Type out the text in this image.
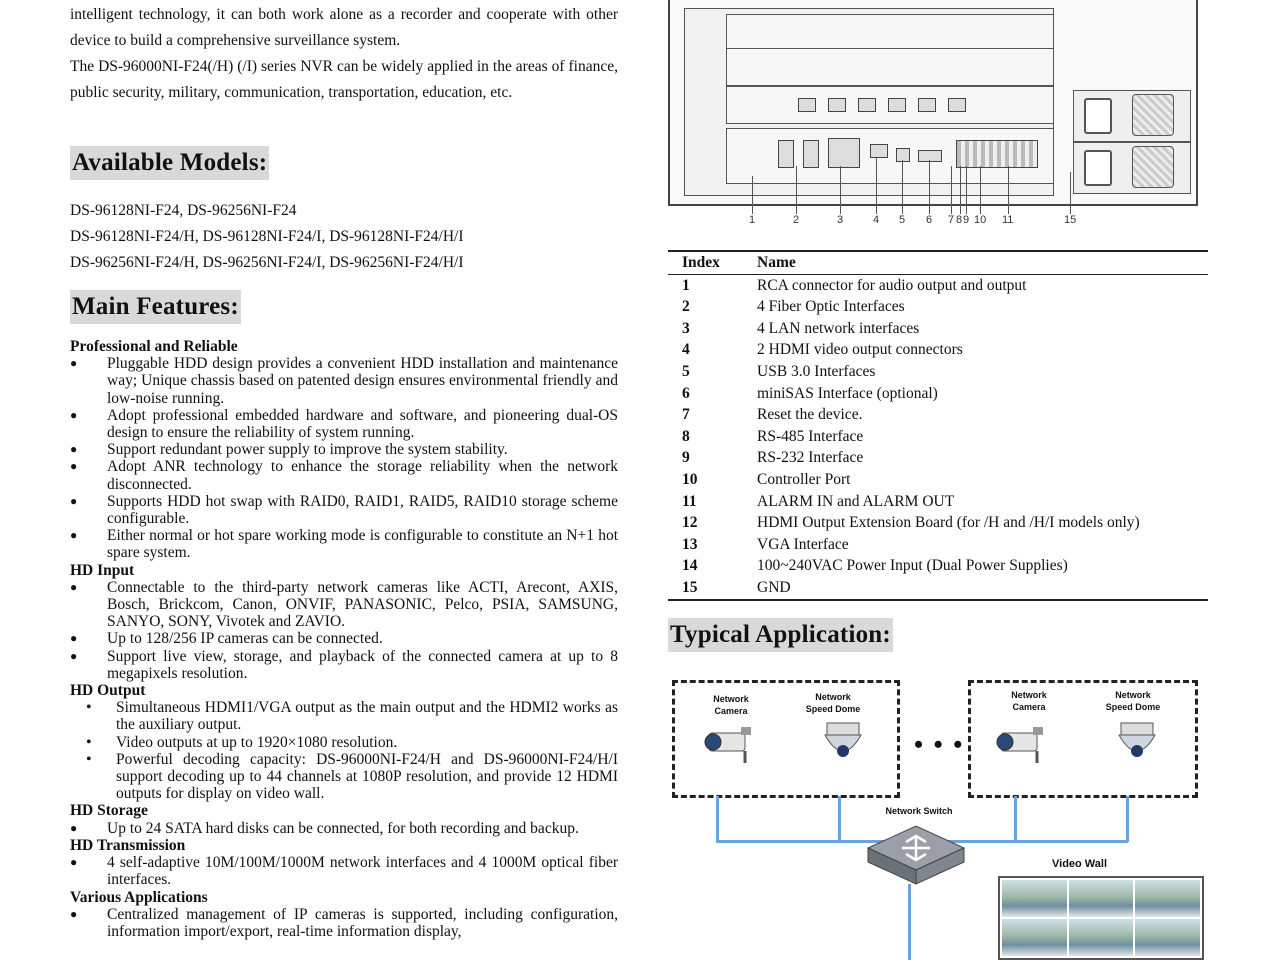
intelligent technology, it can both work alone as a recorder and cooperate with other device to build a comprehensive surveillance system.

The DS-96000NI-F24(/H) (/I) series NVR can be widely applied in the areas of finance, public security, military, communication, transportation, education, etc.

Available Models:
DS-96128NI-F24, DS-96256NI-F24
DS-96128NI-F24/H, DS-96128NI-F24/I, DS-96128NI-F24/H/I
DS-96256NI-F24/H, DS-96256NI-F24/I, DS-96256NI-F24/H/I
Main Features:
Professional and Reliable
● Pluggable HDD design provides a convenient HDD installation and maintenance way; Unique chassis based on patented design ensures environmental friendly and low-noise running.
● Adopt professional embedded hardware and software, and pioneering dual-OS design to ensure the reliability of system running.
● Support redundant power supply to improve the system stability.
● Adopt ANR technology to enhance the storage reliability when the network disconnected.
● Supports HDD hot swap with RAID0, RAID1, RAID5, RAID10 storage scheme configurable.
● Either normal or hot spare working mode is configurable to constitute an N+1 hot spare system.
HD Input
● Connectable to the third-party network cameras like ACTI, Arecont, AXIS, Bosch, Brickcom, Canon, ONVIF, PANASONIC, Pelco, PSIA, SAMSUNG, SANYO, SONY, Vivotek and ZAVIO.
● Up to 128/256 IP cameras can be connected.
● Support live view, storage, and playback of the connected camera at up to 8 megapixels resolution.
HD Output
• Simultaneous HDMI1/VGA output as the main output and the HDMI2 works as the auxiliary output.
• Video outputs at up to 1920×1080 resolution.
• Powerful decoding capacity: DS-96000NI-F24/H and DS-96000NI-F24/H/I support decoding up to 44 channels at 1080P resolution, and provide 12 HDMI outputs for display on video wall.
HD Storage
● Up to 24 SATA hard disks can be connected, for both recording and backup.
HD Transmission
● 4 self-adaptive 10M/100M/1000M network interfaces and 4 1000M optical fiber interfaces.
Various Applications
● Centralized management of IP cameras is supported, including configuration, information import/export, real-time information display,
1	2	3	4 5 6 7 8 9 10 11	15
Index	Name
1	RCA connector for audio output and output
2	4 Fiber Optic Interfaces
3	4 LAN network interfaces
4	2 HDMI video output connectors
5	USB 3.0 Interfaces
6	miniSAS Interface (optional)
7	Reset the device.
8	RS-485 Interface
9	RS-232 Interface
10	Controller Port
11	ALARM IN and ALARM OUT
12	HDMI Output Extension Board (for /H and /H/I models only)
13	VGA Interface
14	100~240VAC Power Input (Dual Power Supplies)
15	GND
Typical Application:
Network Camera
Network Speed Dome
• • •
Network Camera
Network Speed Dome
Network Switch
Video Wall
